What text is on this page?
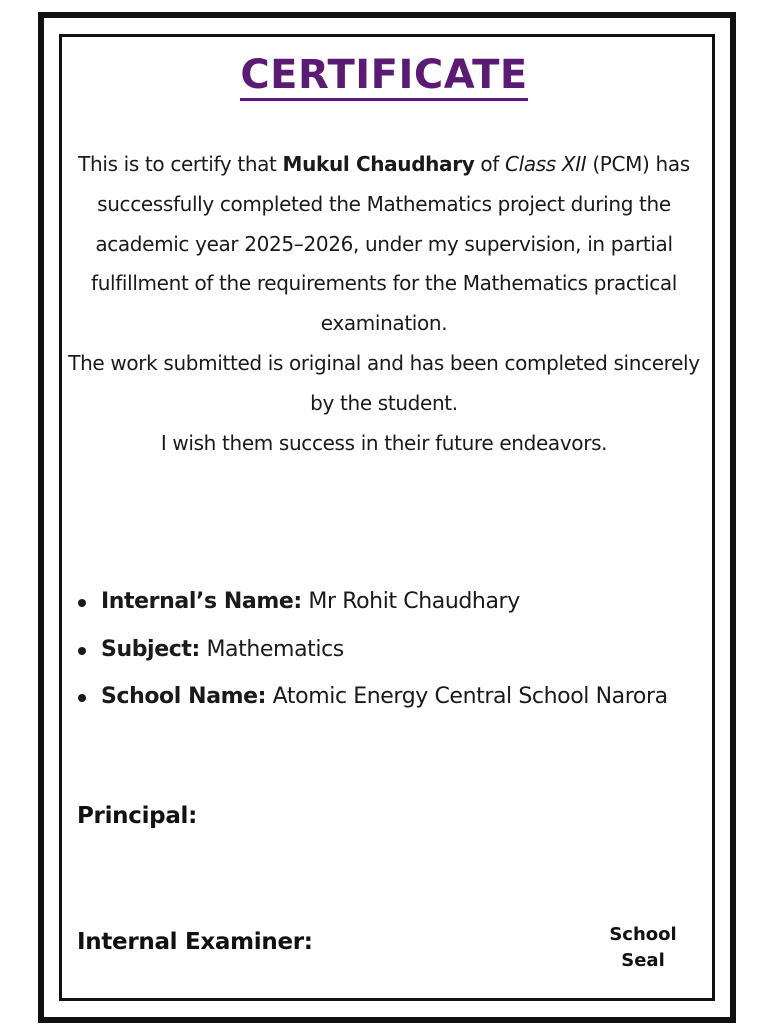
CERTIFICATE

This is to certify that Mukul Chaudhary of Class XII (PCM) has successfully completed the Mathematics project during the academic year 2025–2026, under my supervision, in partial fulfillment of the requirements for the Mathematics practical examination.

The work submitted is original and has been completed sincerely by the student.

I wish them success in their future endeavors.

Internal’s Name: Mr Rohit Chaudhary
Subject: Mathematics
School Name: Atomic Energy Central School Narora
Principal:
Internal Examiner:	School
Seal
